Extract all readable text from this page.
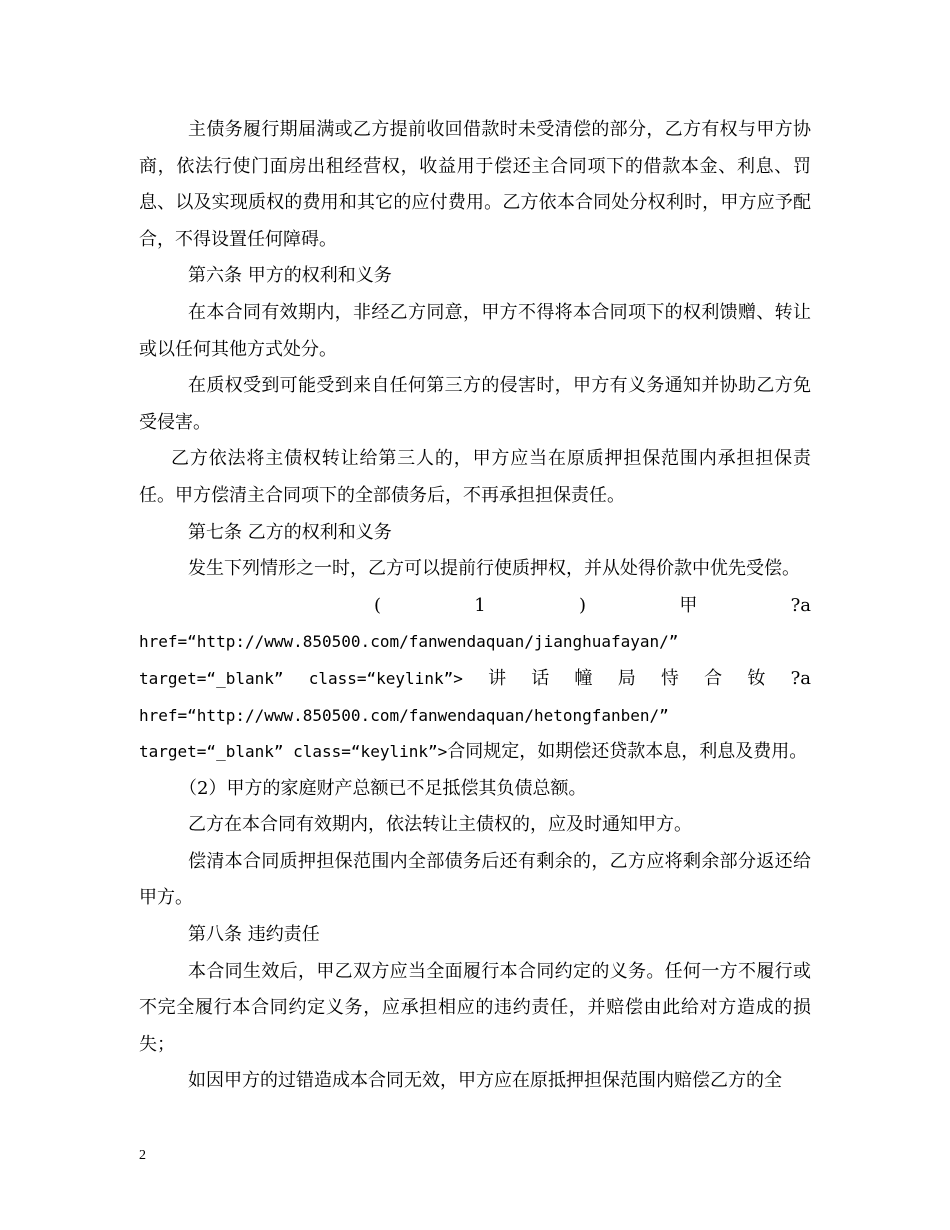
主债务履行期届满或乙方提前收回借款时未受清偿的部分，乙方有权与甲方协商，依法行使门面房出租经营权，收益用于偿还主合同项下的借款本金、利息、罚息、以及实现质权的费用和其它的应付费用。乙方依本合同处分权利时，甲方应予配合，不得设置任何障碍。

第六条 甲方的权利和义务

在本合同有效期内，非经乙方同意，甲方不得将本合同项下的权利馈赠、转让或以任何其他方式处分。

在质权受到可能受到来自任何第三方的侵害时，甲方有义务通知并协助乙方免受侵害。

乙方依法将主债权转让给第三人的，甲方应当在原质押担保范围内承担担保责任。甲方偿清主合同项下的全部债务后，不再承担担保责任。

第七条 乙方的权利和义务

发生下列情形之一时，乙方可以提前行使质押权，并从处得价款中优先受偿。

(	1	)	甲	?a

href=“http://www.850500.com/fanwendaquan/jianghuafayan/”

target=“_blank” class=“keylink”> 讲 话 幢 局 恃 合 钕 ?a

href=“http://www.850500.com/fanwendaquan/hetongfanben/”

target=“_blank” class=“keylink”>合同规定，如期偿还贷款本息，利息及费用。

（2）甲方的家庭财产总额已不足抵偿其负债总额。

乙方在本合同有效期内，依法转让主债权的，应及时通知甲方。

偿清本合同质押担保范围内全部债务后还有剩余的，乙方应将剩余部分返还给甲方。

第八条 违约责任

本合同生效后，甲乙双方应当全面履行本合同约定的义务。任何一方不履行或不完全履行本合同约定义务，应承担相应的违约责任，并赔偿由此给对方造成的损失；

如因甲方的过错造成本合同无效，甲方应在原抵押担保范围内赔偿乙方的全

2
